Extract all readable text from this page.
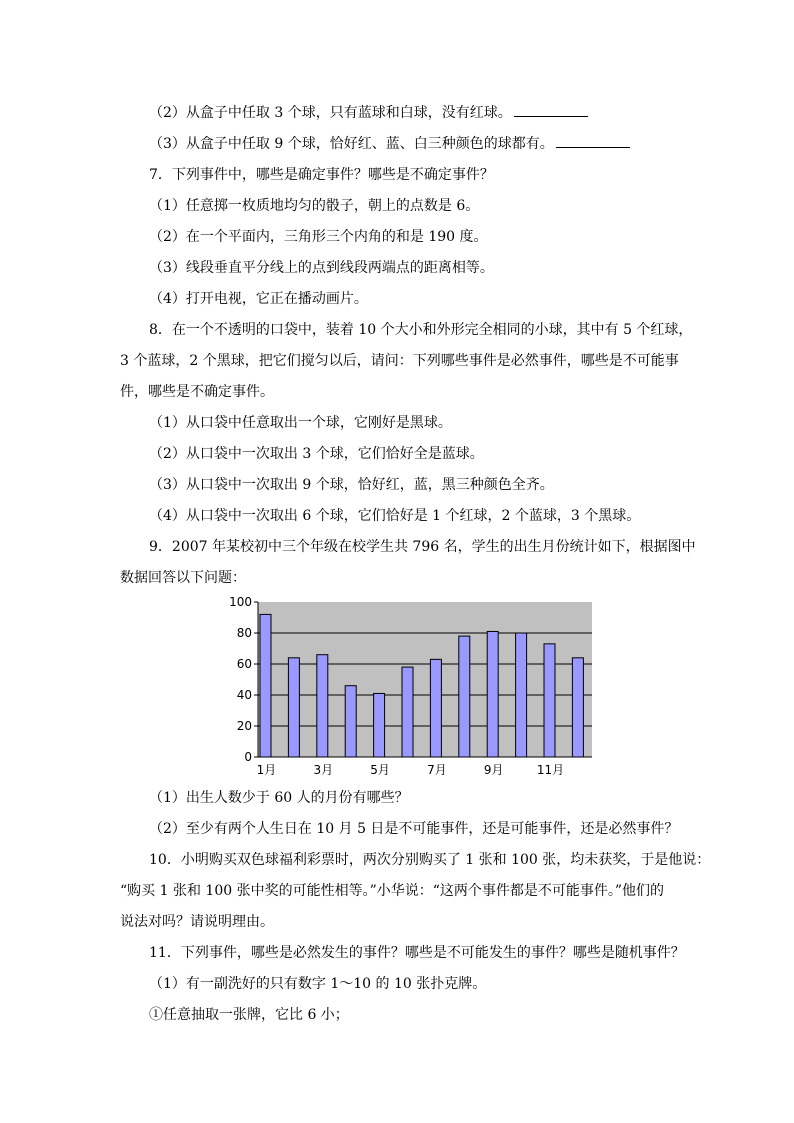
（2）从盒子中任取 3 个球，只有蓝球和白球，没有红球。
（3）从盒子中任取 9 个球，恰好红、蓝、白三种颜色的球都有。
7．下列事件中，哪些是确定事件？哪些是不确定事件？
（1）任意掷一枚质地均匀的骰子，朝上的点数是 6。
（2）在一个平面内，三角形三个内角的和是 190 度。
（3）线段垂直平分线上的点到线段两端点的距离相等。
（4）打开电视，它正在播动画片。
8．在一个不透明的口袋中，装着 10 个大小和外形完全相同的小球，其中有 5 个红球，
3 个蓝球，2 个黑球，把它们搅匀以后，请问：下列哪些事件是必然事件，哪些是不可能事
件，哪些是不确定事件。
（1）从口袋中任意取出一个球，它刚好是黑球。
（2）从口袋中一次取出 3 个球，它们恰好全是蓝球。
（3）从口袋中一次取出 9 个球，恰好红，蓝，黑三种颜色全齐。
（4）从口袋中一次取出 6 个球，它们恰好是 1 个红球，2 个蓝球，3 个黑球。
9．2007 年某校初中三个年级在校学生共 796 名，学生的出生月份统计如下，根据图中
数据回答以下问题：
0
20
40
60
80
100
1月	3月	5月	7月	9月	11月
（1）出生人数少于 60 人的月份有哪些？
（2）至少有两个人生日在 10 月 5 日是不可能事件，还是可能事件，还是必然事件？
10．小明购买双色球福利彩票时，两次分别购买了 1 张和 100 张，均未获奖，于是他说：
“购买 1 张和 100 张中奖的可能性相等。”小华说：“这两个事件都是不可能事件。”他们的
说法对吗？请说明理由。
11．下列事件，哪些是必然发生的事件？哪些是不可能发生的事件？哪些是随机事件？
（1）有一副洗好的只有数字 1～10 的 10 张扑克牌。
①任意抽取一张牌，它比 6 小；
